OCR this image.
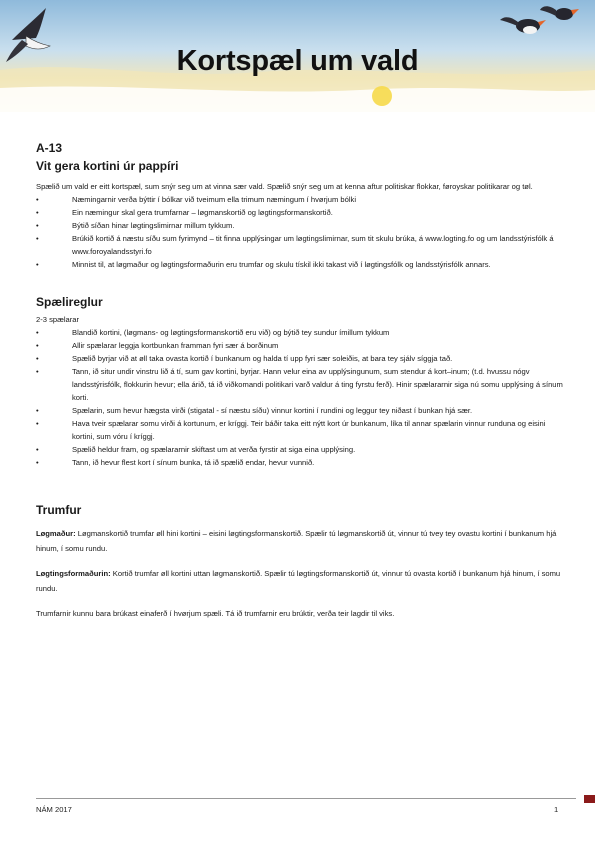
Kortspæl um vald
A-13
Vit gera kortini úr pappíri

Spælið um vald er eitt kortspæl, sum snýr seg um at vinna sær vald. Spælið snýr seg um at kenna aftur politiskar flokkar, føroyskar politikarar og tøl.

•	Næmingarnir verða býttir í bólkar við tveimum ella trimum næmingum í hvørjum bólki
•	Ein næmingur skal gera trumfarnar – løgmanskortið og løgtingsformanskortið.
•	Býtið síðan hinar løgtingslimirnar millum tykkum.
•	Brúkið kortið á næstu síðu sum fyrimynd – tit finna upplýsingar um løgtingslimirnar, sum tit skulu brúka, á www.logting.fo og um landsstýrisfólk á www.foroyalandsstyri.fo
•	Minnist til, at løgmaður og løgtingsformaðurin eru trumfar og skulu tískil ikki takast við í løgtingsfólk og landsstýrisfólk annars.
Spælireglur
2-3 spælarar
•	Blandið kortini, (løgmans- og løgtingsformanskortið eru við) og býtið tey sundur ímillum tykkum
•	Allir spælarar leggja kortbunkan framman fyri sær á borðinum
•	Spælið byrjar við at øll taka ovasta kortið í bunkanum og halda tí upp fyri sær soleiðis, at bara tey sjálv síggja tað.
•	Tann, ið situr undir vinstru lið á tí, sum gav kortini, byrjar. Hann velur eina av upplýsingunum, sum stendur á kort–inum; (t.d. hvussu nógv landsstýrisfólk, flokkurin hevur; ella árið, tá ið viðkomandi politikari varð valdur á ting fyrstu ferð). Hinir spælararnir siga nú somu upplýsing á sínum korti.
•	Spælarin, sum hevur hægsta virði (stigatal - sí næstu síðu) vinnur kortini í rundini og leggur tey niðast í bunkan hjá sær.
•	Hava tveir spælarar somu virði á kortunum, er kríggj. Teir báðir taka eitt nýtt kort úr bunkanum, líka til annar spælarin vinnur runduna og eisini kortini, sum vóru í kríggj.
•	Spælið heldur fram, og spælararnir skiftast um at verða fyrstir at siga eina upplýsing.
•	Tann, ið hevur flest kort í sínum bunka, tá ið spælið endar, hevur vunnið.
Trumfur

Løgmaður: Løgmanskortið trumfar øll hini kortini – eisini løgtingsformanskortið. Spælir tú løgmanskortið út, vinnur tú tvey tey ovastu kortini í bunkanum hjá hinum, í somu rundu.

Løgtingsformaðurin: Kortið trumfar øll kortini uttan løgmanskortið. Spælir tú løgtingsformanskortið út, vinnur tú ovasta kortið í bunkanum hjá hinum, í somu rundu.

Trumfarnir kunnu bara brúkast einaferð í hvørjum spæli. Tá ið trumfarnir eru brúktir, verða teir lagdir til viks.

NÁM 2017	1
